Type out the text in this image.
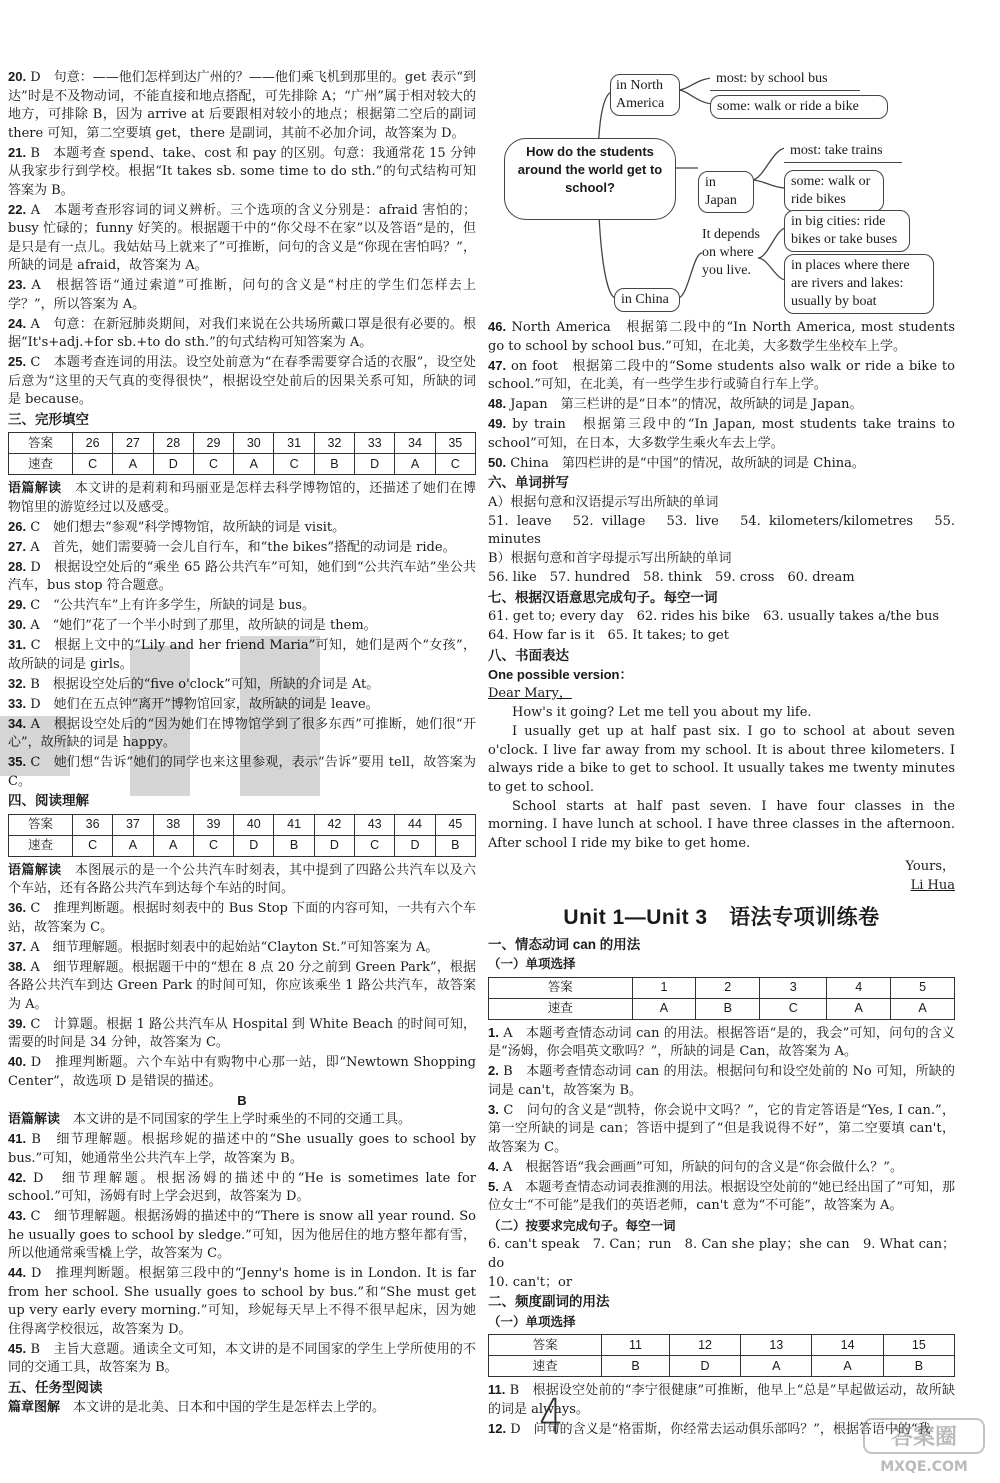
20. D　句意：——他们怎样到达广州的？——他们乘飞机到那里的。get 表示“到达”时是不及物动词，不能直接和地点搭配，可先排除 A；“广州”属于相对较大的地方，可排除 B，因为 arrive at 后要跟相对较小的地点；根据第二空后的副词 there 可知，第二空要填 get，there 是副词，其前不必加介词，故答案为 D。
21. B　本题考查 spend、take、cost 和 pay 的区别。句意：我通常花 15 分钟从我家步行到学校。根据“It takes sb. some time to do sth.”的句式结构可知答案为 B。
22. A　本题考查形容词的词义辨析。三个选项的含义分别是：afraid 害怕的；busy 忙碌的；funny 好笑的。根据题干中的“你父母不在家”以及答语“是的，但是只是有一点儿。我姑姑马上就来了”可推断，问句的含义是“你现在害怕吗？”，所缺的词是 afraid，故答案为 A。
23. A　根据答语“通过索道”可推断，问句的含义是“村庄的学生们怎样去上学？”，所以答案为 A。
24. A　句意：在新冠肺炎期间，对我们来说在公共场所戴口罩是很有必要的。根据“It's+adj.+for sb.+to do sth.”的句式结构可知答案为 A。
25. C　本题考查连词的用法。设空处前意为“在春季需要穿合适的衣服”，设空处后意为“这里的天气真的变得很快”，根据设空处前后的因果关系可知，所缺的词是 because。
三、完形填空
答案	26	27	28	29	30	31	32	33	34	35
速查	C	A	D	C	A	C	B	D	A	C
语篇解读　 本文讲的是莉莉和玛丽亚是怎样去科学博物馆的，还描述了她们在博物馆里的游览经过以及感受。
26. C　她们想去“参观”科学博物馆，故所缺的词是 visit。
27. A　首先，她们需要骑一会儿自行车，和“the bikes”搭配的动词是 ride。
28. D　根据设空处后的“乘坐 65 路公共汽车”可知，她们到“公共汽车站”坐公共汽车，bus stop 符合题意。
29. C　“公共汽车”上有许多学生，所缺的词是 bus。
30. A　“她们”花了一个半小时到了那里，故所缺的词是 them。
31. C　根据上文中的“Lily and her friend Maria”可知，她们是两个“女孩”，故所缺的词是 girls。
32. B　根据设空处后的“five o'clock”可知，所缺的介词是 At。
33. D　她们在五点钟“离开”博物馆回家，故所缺的词是 leave。
34. A　根据设空处后的“因为她们在博物馆学到了很多东西”可推断，她们很“开心”，故所缺的词是 happy。
35. C　她们想“告诉”她们的同学也来这里参观，表示“告诉”要用 tell，故答案为 C。
四、阅读理解
答案	36	37	38	39	40	41	42	43	44	45
速查	C	A	A	C	D	B	D	C	D	B
语篇解读　 本图展示的是一个公共汽车时刻表，其中提到了四路公共汽车以及六个车站，还有各路公共汽车到达每个车站的时间。
36. C　推理判断题。根据时刻表中的 Bus Stop 下面的内容可知，一共有六个车站，故答案为 C。
37. A　细节理解题。根据时刻表中的起始站“Clayton St.”可知答案为 A。
38. A　细节理解题。根据题干中的“想在 8 点 20 分之前到 Green Park”，根据各路公共汽车到达 Green Park 的时间可知，你应该乘坐 1 路公共汽车，故答案为 A。
39. C　计算题。根据 1 路公共汽车从 Hospital 到 White Beach 的时间可知，需要的时间是 34 分钟，故答案为 C。
40. D　推理判断题。六个车站中有购物中心那一站，即“Newtown Shopping Center”，故选项 D 是错误的描述。
B
语篇解读　 本文讲的是不同国家的学生上学时乘坐的不同的交通工具。
41. B　细节理解题。根据珍妮的描述中的“She usually goes to school by bus.”可知，她通常坐公共汽车上学，故答案为 B。
42. D　细节理解题。根据汤姆的描述中的“He is sometimes late for school.”可知，汤姆有时上学会迟到，故答案为 D。
43. C　细节理解题。根据汤姆的描述中的“There is snow all year round. So he usually goes to school by sledge.”可知，因为他居住的地方整年都有雪，所以他通常乘雪橇上学，故答案为 C。
44. D　推理判断题。根据第三段中的“Jenny's home is in London. It is far from her school. She usually goes to school by bus.”和“She must get up very early every morning.”可知，珍妮每天早上不得不很早起床，因为她住得离学校很远，故答案为 D。
45. B　主旨大意题。通读全文可知，本文讲的是不同国家的学生上学所使用的不同的交通工具，故答案为 B。
五、任务型阅读
篇章图解　 本文讲的是北美、日本和中国的学生是怎样去上学的。
How do the students around the world get to school?
in North America
most: by school bus
some: walk or ride a bike
in Japan
most: take trains
some: walk or ride bikes
It depends on where you live.
in China
in big cities: ride bikes or take buses
in places where there are rivers and lakes: usually by boat
46. North America　根据第二段中的“In North America, most students go to school by school bus.”可知，在北美，大多数学生坐校车上学。
47. on foot　根据第二段中的“Some students also walk or ride a bike to school.”可知，在北美，有一些学生步行或骑自行车上学。
48. Japan　第三栏讲的是“日本”的情况，故所缺的词是 Japan。
49. by train　根据第三段中的“In Japan, most students take trains to school”可知，在日本，大多数学生乘火车去上学。
50. China　第四栏讲的是“中国”的情况，故所缺的词是 China。
六、单词拼写
A）根据句意和汉语提示写出所缺的单词
51. leave　52. village　53. live　54. kilometers/kilometres　55. minutes
B）根据句意和首字母提示写出所缺的单词
56. like　57. hundred　58. think　59. cross　60. dream
七、根据汉语意思完成句子。每空一词
61. get to; every day　62. rides his bike　63. usually takes a/the bus
64. How far is it　65. It takes; to get
八、书面表达
One possible version：
Dear Mary，
How's it going? Let me tell you about my life.
I usually get up at half past six. I go to school at about seven o'clock. I live far away from my school. It is about three kilometers. I always ride a bike to get to school. It usually takes me twenty minutes to get to school.
School starts at half past seven. I have four classes in the morning. I have lunch at school. I have three classes in the afternoon. After school I ride my bike to get home.
Yours，
Li Hua
Unit 1—Unit 3　语法专项训练卷
一、情态动词 can 的用法
（一）单项选择
答案	1	2	3	4	5
速查	A	B	C	A	A
1. A　本题考查情态动词 can 的用法。根据答语“是的，我会”可知，问句的含义是“汤姆，你会唱英文歌吗？”，所缺的词是 Can，故答案为 A。
2. B　本题考查情态动词 can 的用法。根据问句和设空处前的 No 可知，所缺的词是 can't，故答案为 B。
3. C　问句的含义是“凯特，你会说中文吗？”，它的肯定答语是“Yes, I can.”，第一空所缺的词是 can；答语中提到了“但是我说得不好”，第二空要填 can't，故答案为 C。
4. A　根据答语“我会画画”可知，所缺的问句的含义是“你会做什么？”。
5. A　本题考查情态动词表推测的用法。根据设空处前的“她已经出国了”可知，那位女士“不可能”是我们的英语老师，can't 意为“不可能”，故答案为 A。
（二）按要求完成句子。每空一词
6. can't speak　7. Can；run　8. Can she play；she can　9. What can；do
10. can't；or
二、频度副词的用法
（一）单项选择
答案	11	12	13	14	15
速查	B	D	A	A	B
11. B　根据设空处前的“李宁很健康”可推断，他早上“总是”早起做运动，故所缺的词是 always。
12. D　问句的含义是“格雷斯，你经常去运动俱乐部吗？”，根据答语中的“我
4	答案圈
MXQE.COM
